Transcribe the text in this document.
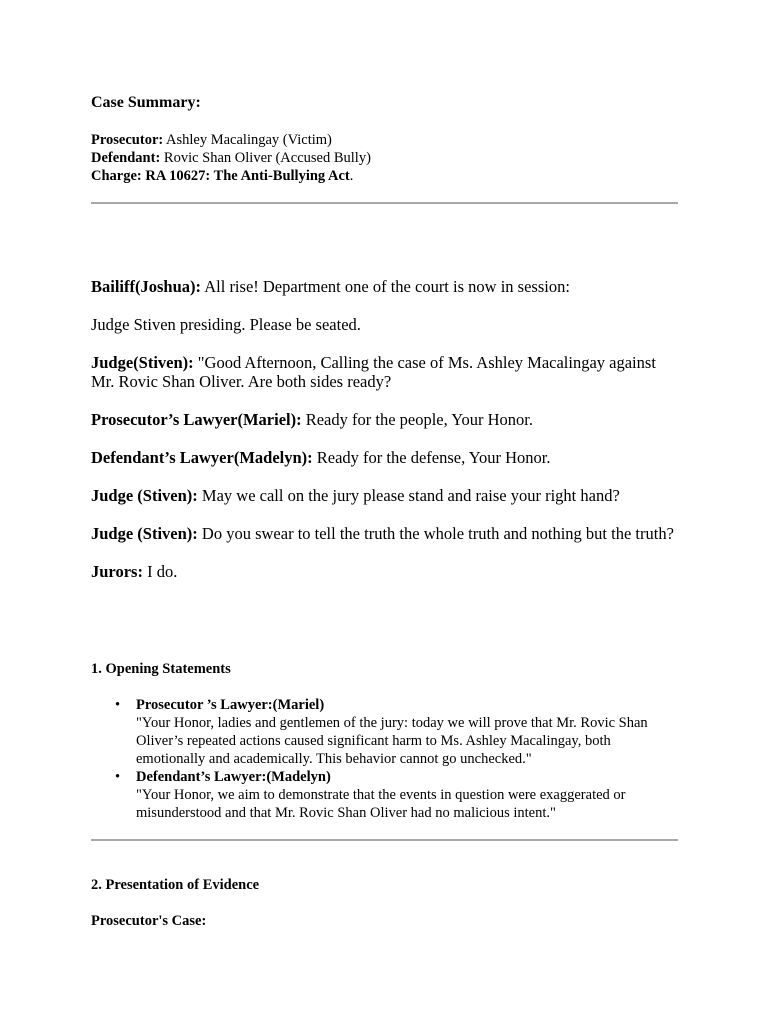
Case Summary:
Prosecutor: Ashley Macalingay (Victim)
Defendant: Rovic Shan Oliver (Accused Bully)
Charge: RA 10627: The Anti-Bullying Act.

Bailiff(Joshua): All rise! Department one of the court is now in session:

Judge Stiven presiding. Please be seated.

Judge(Stiven): "Good Afternoon, Calling the case of Ms. Ashley Macalingay against Mr. Rovic Shan Oliver. Are both sides ready?

Prosecutor’s Lawyer(Mariel): Ready for the people, Your Honor.

Defendant’s Lawyer(Madelyn): Ready for the defense, Your Honor.

Judge (Stiven): May we call on the jury please stand and raise your right hand?

Judge (Stiven): Do you swear to tell the truth the whole truth and nothing but the truth?

Jurors: I do.

1. Opening Statements
• Prosecutor ’s Lawyer:(Mariel)
"Your Honor, ladies and gentlemen of the jury: today we will prove that Mr. Rovic Shan Oliver’s repeated actions caused significant harm to Ms. Ashley Macalingay, both emotionally and academically. This behavior cannot go unchecked."
• Defendant’s Lawyer:(Madelyn)
"Your Honor, we aim to demonstrate that the events in question were exaggerated or misunderstood and that Mr. Rovic Shan Oliver had no malicious intent."
2. Presentation of Evidence
Prosecutor's Case:
